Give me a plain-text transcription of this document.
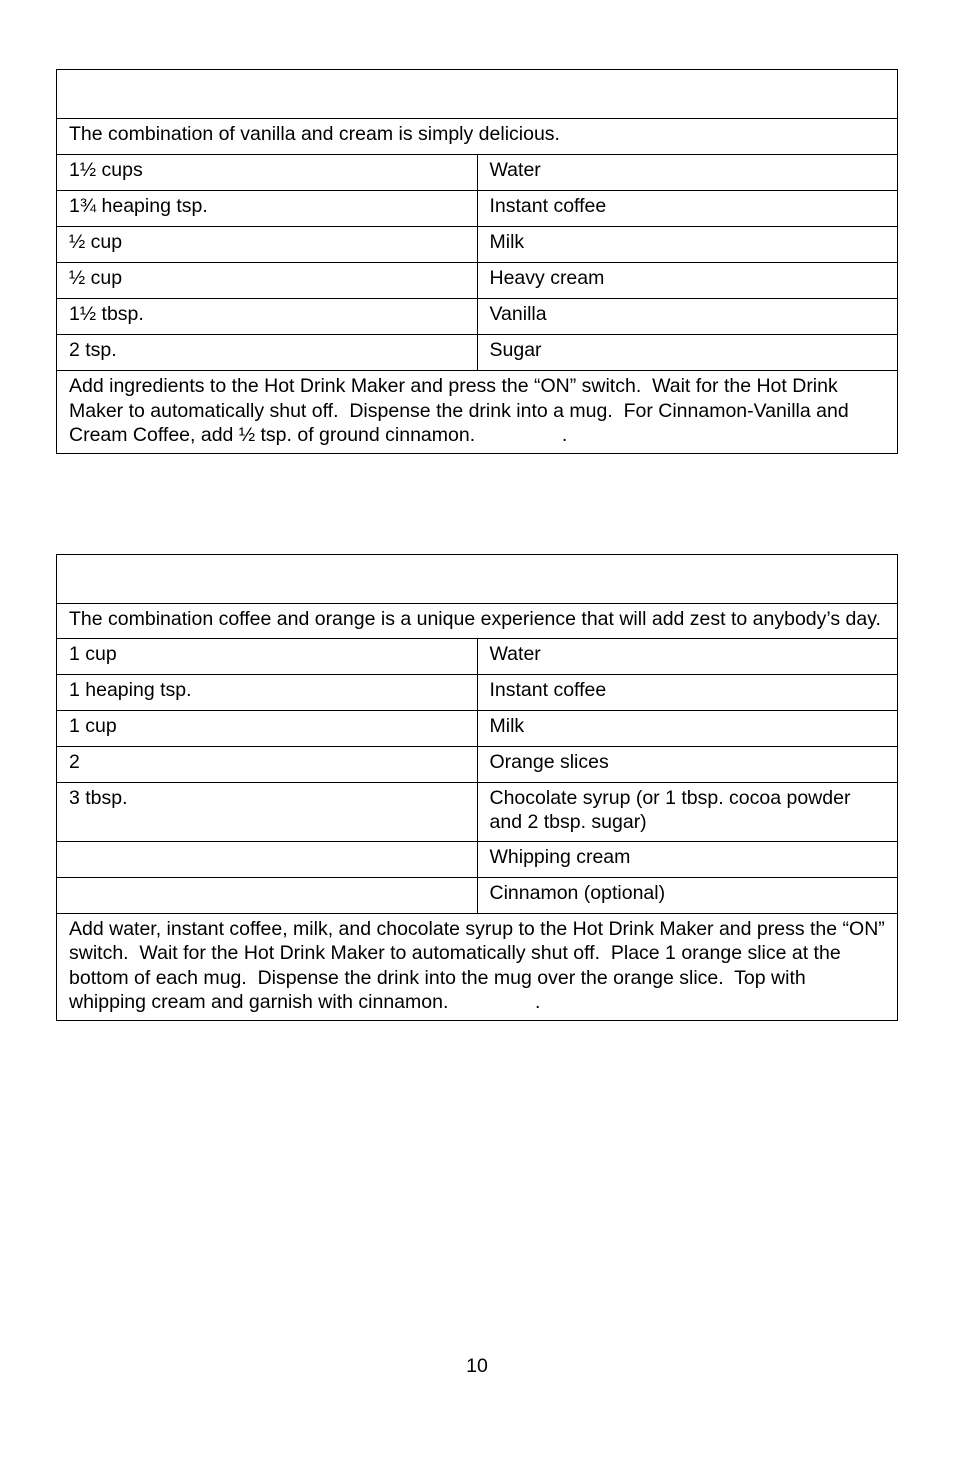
The combination of vanilla and cream is simply delicious.	
1½ cups	Water
1¾ heaping tsp.	Instant coffee
½ cup	Milk
½ cup	Heavy cream
1½ tbsp.	Vanilla
2 tsp.	Sugar
Add ingredients to the Hot Drink Maker and press the “ON” switch.  Wait for the Hot Drink Maker to automatically shut off.  Dispense the drink into a mug.  For Cinnamon-Vanilla and Cream Coffee, add ½ tsp. of ground cinnamon.                .	

The combination coffee and orange is a unique experience that will add zest to anybody’s day.	
1 cup	Water
1 heaping tsp.	Instant coffee
1 cup	Milk
2	Orange slices
3 tbsp.	Chocolate syrup (or 1 tbsp. cocoa powder and 2 tbsp. sugar)
	Whipping cream
	Cinnamon (optional)
Add water, instant coffee, milk, and chocolate syrup to the Hot Drink Maker and press the “ON” switch.  Wait for the Hot Drink Maker to automatically shut off.  Place 1 orange slice at the bottom of each mug.  Dispense the drink into the mug over the orange slice.  Top with whipping cream and garnish with cinnamon.                .	
10
